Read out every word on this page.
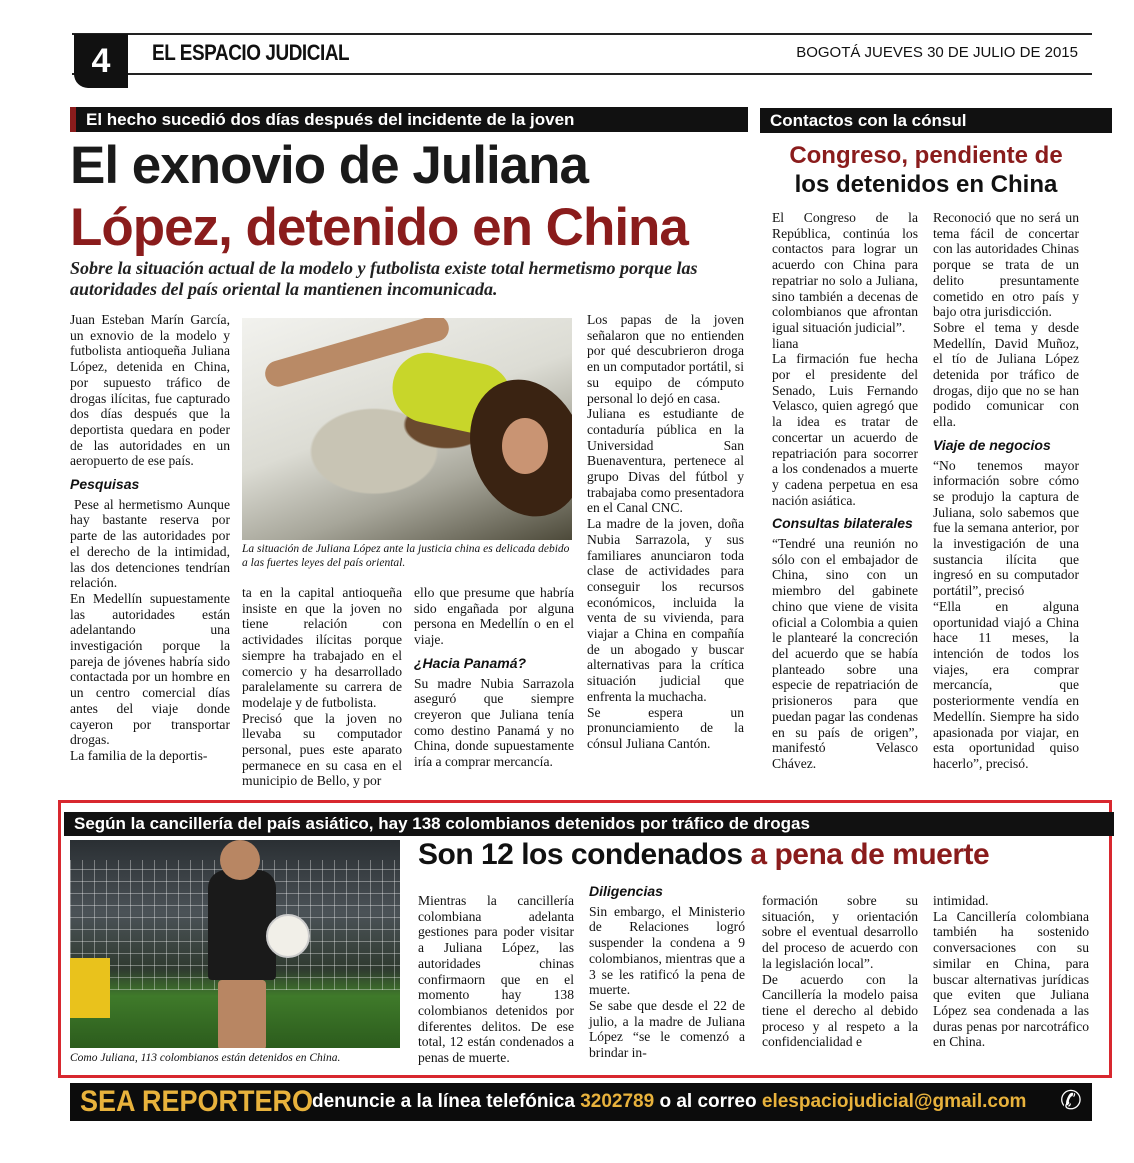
4	EL ESPACIO JUDICIAL	BOGOTÁ JUEVES 30 DE JULIO DE 2015
El hecho sucedió dos días después del incidente de la joven
El exnovio de Juliana
López, detenido en China
Sobre la situación actual de la modelo y futbolista existe total hermetismo porque las autoridades del país oriental la mantienen incomunicada.

Juan Esteban Marín García, un exnovio de la modelo y futbolista antioqueña Juliana López, detenida en China, por supuesto tráfico de drogas ilícitas, fue capturado dos días después que la deportista quedara en poder de las autoridades en un aeropuerto de ese país.

Pesquisas

Pese al hermetismo Aunque hay bastante reserva por parte de las autoridades por el derecho de la intimidad, las dos detenciones tendrían relación.

En Medellín supuestamente las autoridades están adelantando una investigación porque la pareja de jóvenes habría sido contactada por un hombre en un centro comercial días antes del viaje donde cayeron por transportar drogas.

La familia de la deportis-

La situación de Juliana López ante la justicia china es delicada debido a las fuertes leyes del país oriental.

ta en la capital antioqueña insiste en que la joven no tiene relación con actividades ilícitas porque siempre ha trabajado en el comercio y ha desarrollado paralelamente su carrera de modelaje y de futbolista.

Precisó que la joven no llevaba su computador personal, pues este aparato permanece en su casa en el municipio de Bello, y por

ello que presume que habría sido engañada por alguna persona en Medellín o en el viaje.

¿Hacia Panamá?

Su madre Nubia Sarrazola aseguró que siempre creyeron que Juliana tenía como destino Panamá y no China, donde supuestamente iría a comprar mercancía.

Los papas de la joven señalaron que no entienden por qué descubrieron droga en un computador portátil, si su equipo de cómputo personal lo dejó en casa.

Juliana es estudiante de contaduría pública en la Universidad San Buenaventura, pertenece al grupo Divas del fútbol y trabajaba como presentadora en el Canal CNC.

La madre de la joven, doña Nubia Sarrazola, y sus familiares anunciaron toda clase de actividades para conseguir los recursos económicos, incluida la venta de su vivienda, para viajar a China en compañía de un abogado y buscar alternativas para la crítica situación judicial que enfrenta la muchacha.

Se espera un pronunciamiento de la cónsul Juliana Cantón.

Contactos con la cónsul
Congreso, pendiente de
los detenidos en China

El Congreso de la República, continúa los contactos para lograr un acuerdo con China para repatriar no solo a Juliana, sino también a decenas de colombianos que afrontan igual situación judicial”.

liana

La firmación fue hecha por el presidente del Senado, Luis Fernando Velasco, quien agregó que la idea es tratar de concertar un acuerdo de repatriación para socorrer a los condenados a muerte y cadena perpetua en esa nación asiática.

Consultas bilaterales

“Tendré una reunión no sólo con el embajador de China, sino con un miembro del gabinete chino que viene de visita oficial a Colombia a quien le plantearé la concreción del acuerdo que se había planteado sobre una especie de repatriación de prisioneros para que puedan pagar las condenas en su país de origen”, manifestó Velasco Chávez.

Reconoció que no será un tema fácil de concertar con las autoridades Chinas porque se trata de un delito presuntamente cometido en otro país y bajo otra jurisdicción.

Sobre el tema y desde Medellín, David Muñoz, el tío de Juliana López detenida por tráfico de drogas, dijo que no se han podido comunicar con ella.

Viaje de negocios

“No tenemos mayor información sobre cómo se produjo la captura de Juliana, solo sabemos que fue la semana anterior, por la investigación de una sustancia ilícita que ingresó en su computador portátil”, precisó

“Ella en alguna oportunidad viajó a China hace 11 meses, la intención de todos los viajes, era comprar mercancía, que posteriormente vendía en Medellín. Siempre ha sido apasionada por viajar, en esta oportunidad quiso hacerlo”, precisó.

Según la cancillería del país asiático, hay 138 colombianos detenidos por tráfico de drogas
Son 12 los condenados a pena de muerte
Como Juliana, 113 colombianos están detenidos en China.

Mientras la cancillería colombiana adelanta gestiones para poder visitar a Juliana López, las autoridades chinas confirmaorn que en el momento hay 138 colombianos detenidos por diferentes delitos. De ese total, 12 están condenados a penas de muerte.

Diligencias

Sin embargo, el Ministerio de Relaciones logró suspender la condena a 9 colombianos, mientras que a 3 se les ratificó la pena de muerte.

Se sabe que desde el 22 de julio, a la madre de Juliana López “se le comenzó a brindar in-

formación sobre su situación, y orientación sobre el eventual desarrollo del proceso de acuerdo con la legislación local”.

De acuerdo con la Cancillería la modelo paisa tiene el derecho al debido proceso y al respeto a la confidencialidad e

intimidad.

La Cancillería colombiana también ha sostenido conversaciones con su similar en China, para buscar alternativas jurídicas que eviten que Juliana López sea condenada a las duras penas por narcotráfico en China.

SEA REPORTERO
denuncie a la línea telefónica 3202789 o al correo elespaciojudicial@gmail.com ✆
